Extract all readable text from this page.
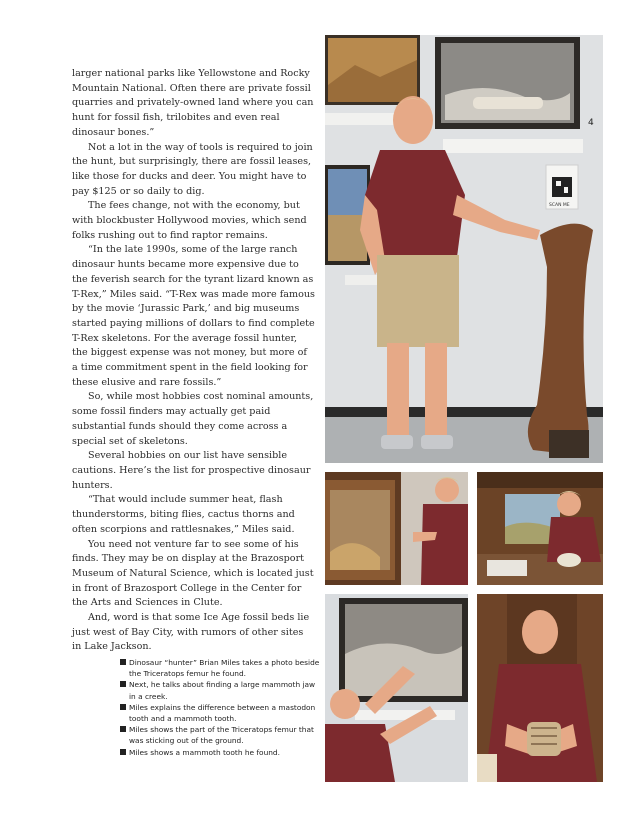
larger national parks like Yellowstone and Rocky Mountain National. Often there are private fossil quarries and privately-owned land where you can hunt for fossil fish, trilobites and even real dinosaur bones.”

Not a lot in the way of tools is required to join the hunt, but surprisingly, there are fossil leases, like those for ducks and deer. You might have to pay $125 or so daily to dig.

The fees change, not with the economy, but with blockbuster Hollywood movies, which send folks rushing out to find raptor remains.

“In the late 1990s, some of the large ranch dinosaur hunts became more expensive due to the feverish search for the tyrant lizard known as T-Rex,” Miles said. “T-Rex was made more famous by the movie ‘Jurassic Park,’ and big museums started paying millions of dollars to find complete T-Rex skeletons. For the average fossil hunter, the biggest expense was not money, but more of a time commitment spent in the field looking for these elusive and rare fossils.”

So, while most hobbies cost nominal amounts, some fossil finders may actually get paid substantial funds should they come across a special set of skeletons.

Several hobbies on our list have sensible cautions. Here’s the list for prospective dinosaur hunters.

“That would include summer heat, flash thunderstorms, biting flies, cactus thorns and often scorpions and rattlesnakes,” Miles said.

You need not venture far to see some of his finds. They may be on display at the Brazosport Museum of Natural Science, which is located just in front of Brazosport College in the Center for the Arts and Sciences in Clute.

And, word is that some Ice Age fossil beds lie just west of Bay City, with rumors of other sites in Lake Jackson.

Dinosaur “hunter” Brian Miles takes a photo beside the Triceratops femur he found.
Next, he talks about finding a large mammoth jaw in a creek.
Miles explains the difference between a mastodon tooth and a mammoth tooth.
Miles shows the part of the Triceratops femur that was sticking out of the ground.
Miles shows a mammoth tooth he found.
4
SCAN ME
